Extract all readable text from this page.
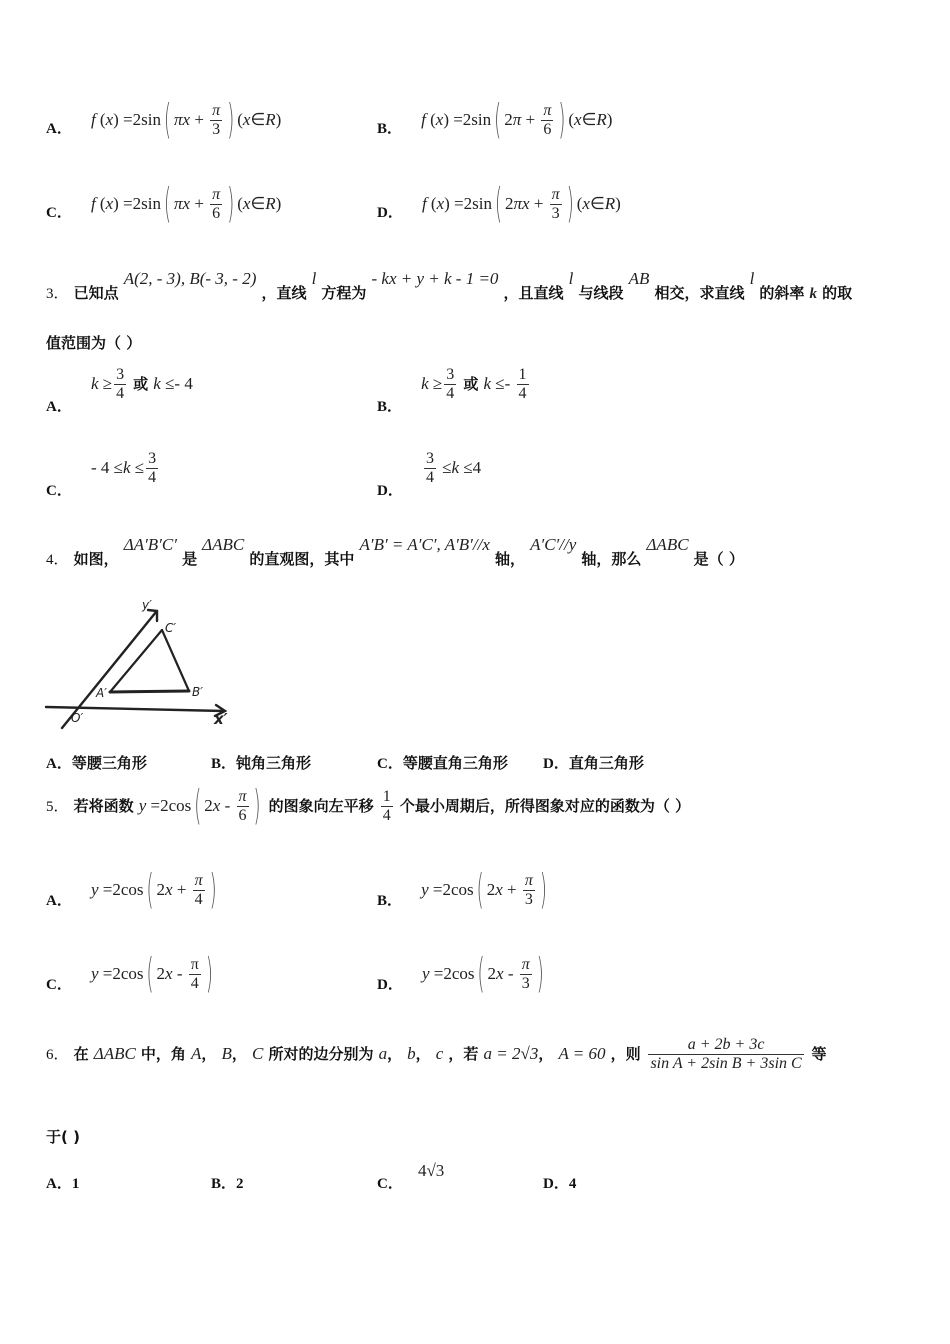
A． f (x) =2sin ( $\pi x + \frac{\pi}{3}$ ) (x∈R)	B． f (x) =2sin ( $2\pi + \frac{\pi}{6}$ ) (x∈R)
C． f (x) =2sin ( $\pi x + \frac{\pi}{6}$ ) (x∈R)	D． f (x) =2sin ( $2\pi x + \frac{\pi}{3}$ ) (x∈R)
3． 已知点 A(2, - 3), B(- 3, - 2) ，直线 l 方程为 - kx + y + k - 1 =0 ，且直线 l 与线段 AB 相交，求直线 l 的斜率 k 的取
值范围为（ ）
A． $k \ge \frac{3}{4}$ 或 k ≤- 4
B． $k \ge \frac{3}{4}$ 或 $k \le- \frac{1}{4}$
C． - $4 \le k \le \frac{3}{4}$
D．
$\frac{3}{4} \le k \le 4$
4． 如图， ΔA′B′C′ 是 ΔABC 的直观图，其中 A′B′ = A′C′, A′B′//x 轴， A′C′//y 轴，那么 ΔABC 是（ ）
y′
C′
A′	B′
O′	x′
A．等腰三角形	B．钝角三角形	C．等腰直角三角形 D．直角三角形
5． 若将函数 y =2cos ( $2x - \frac{\pi}{6}$ ) 的图象向左平移 $\frac{1}{4}$ 个最小周期后，所得图象对应的函数为（ ）
A． y =2cos ( $2x + \frac{\pi}{4}$ )	B． y =2cos ( $2x + \frac{\pi}{3}$ )
C． y =2cos ( $2x - \frac{\pi}{4}$ )	D． y =2cos ( $2x - \frac{\pi}{3}$ )
6． 在 ΔABC 中，角 A， B， C 所对的边分别为 a， b， c ，若 a = 2√3， A = 60 ，则 $\frac{a + 2b + 3c}{\text{sin A + 2sin B + 3sin C}}$ 等
于( )
A．1	B．2	C． 4√3
D．4
